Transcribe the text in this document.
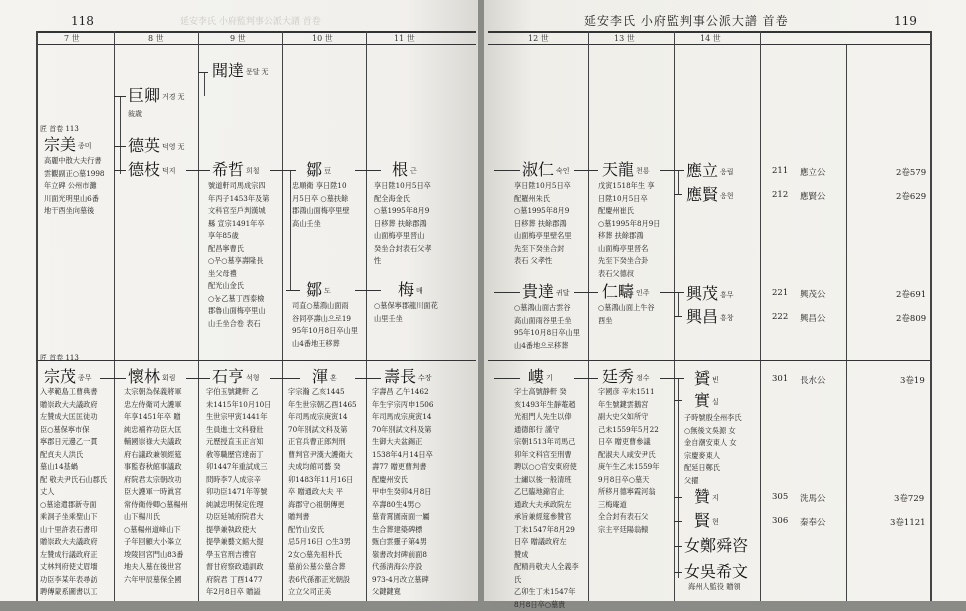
118	延安李氏 小府監判事公派大譜 首卷
7 世	8 世	9 世	10 世	11 世
匠 首卷 113
匠 首卷 113
聞達 문달 无
巨卿 거경 无
敍歳
宗美 종미
高麗中散大夫行書
雲觀副正○墓1998
年立碑 公州市灘
川面光明里山6番
地干酉坐向墓後
德英 덕영 无
德枝 덕지 希哲 희철
號道軒司馬成宗四
年丙子1453年及第
文科官至戶判漢城
縣 宣宗1491年卒
享年85歳
配昌寧曹氏
○무○墓享壽隆長
坐父母禮
配光山金氏
○눙乙墓丁西泰檢
郡魯山面梅亭里山
山壬坐合卷 表石
鄒豆
忠順衛 享日陞10
月5日卒 ○墓扶餘
郡鴻山面梅亭里壁
高山壬坐
根근
享日陞10月5日卒
配全海金氏
○墓1995年8月9
日移葬 扶餘郡鴻
山面梅亭里晋山
癸坐合封表石父孝
性
鄒도
司直○墓鴻山面雨
谷同亭壽山으로19
95年10月8日卒山里
山4番地王移葬
梅매
○墓保寧郡龍川面花
山里壬坐
宗茂 종무
入孝範島工曹典書
贈崇政大夫議政府
左贊成大匡匡徒功
臣○墓保寧市保
寧郡日元邊乙一貫
配貞夫人洪氏
墓山14基蝸
配 敬夫尹氏石山郡氏
丈人
○墓途遣郡新寺面
乘洞子坐乘聖山下
山十里許表石書印
贈崇政大夫議政府
左贊成行議政府正
丈林判府使丈眉墻
功臣李某年表尋訪
聘傳蒙系圖書以工
懷林 회림
太宗朝為保義將軍
忠左侍衛司大護軍
年享1451年卒 贈
純忠補祚功臣大匡
輔國崇祿大夫議政
府右議政兼領經筵
事監春秋館事議政
府院君太宗朝改功
臣大護軍一時眞宮
常侍衛侍卿○墓楊州
山下楊川氏
○墓楊州道峰山下
子年回顧大小峯立
埈陵回宮門山83番
地夫人墓在後世宮
六年甲辰墓保全國
石亨 석형
字伯玉號鍵軒 乙
未1415年10月10日
生世宗甲寅1441年
生員進士文科發壯
元歷授直玉正言知
敎等職歷官達南丁
卯1447年重試成三
問時李7人成宗辛
卯功臣1471年等號
純誠忠明保定佐理
功臣延城府院君大
提學兼執政使大
提學兼藝文館大提
學玉官刑吉禮官
督甘府察政通訓政
府院君 丁酉1477
年2月8日卒 贈謚
渾혼
字宗瀚 乙亥1445
年生世宗朝乙酉1465
年司馬成宗庚寅14
70年別試文科及第
正官兵曹正郎判刑
曹判官尹漢大護衛大
夫成均館司藝 癸
卯1483年11月16日
卒 贈通政大夫 平
海郡守○祖朝傳更
贈判書
配竹山安氏
忌5月16日 ○生3男
2女○墓先祖朴氏
墓前公墓公墓合葬
表6代孫都正光朝設
立立父司正美
壽長 수장
字壽昌 乙午1462
年生宇宗丙申1506
年司馬成宗庚寅14
70年別試文科及第
生御大夫盆錫正
1538年4月14日卒
壽77 贈更曹判書
配慶州安氏
甲申生癸卯4月8日
卒壽80生4男○
墓青霄園南面一屬
生合葬建築碑標
甄白雲靈子第4男
嶺書改封碑前面8
代孫淸海公序設
973-4月改立墓碑
父鍵鍵寬
延安李氏 小府監判事公派大譜 首卷	119
12 世	13 世	14 世
淑仁 숙인
享日陞10月5日卒
配羅州朱氏
○墓1995年8月9
日移葬 扶餘郡鴻
山面梅亭里壁名里
先至下癸坐合封
表石 父孝性
天龍 천룡
戊寅1518年生 享
日陞10月5日卒
配慶州崔氏
○墓1995年8月9日
移葬 扶餘郡鴻
山面梅亭里晋名
先至下癸坐合卦
表石父德叔
應立 응립
應賢 응현
貴達 귀달
○墓鴻山面古雲谷
高山面雨谷里壬坐
95年10月8日卒山里
山4番地으로移葬
仁疇 인주
○墓鴻山面上牛谷
酉坐
興茂 흥무
興昌 흥창
嶁기
字士高號静軒 癸
亥1493年生靜菴趙
光祖門人先生以俸
通德郎行 謹守
宗朝1513年司馬己
卯年文科官至刑曹
聘以○○官安東府使
士繡以後一般清班
乙巳臨地錦官止
通政大夫承政院左
承旨兼經筵參贊官
丁未1547年8月29
日卒 贈議政府左
贊成
配精肖敬夫人全義李
氏
乙卯生丁未1547年
8月8日卒○墓貴
廷秀 정수
字國彦 辛未1511
年生號鍵雲鵝宮
副大史父如所守
己未1559年5月22
日卒 贈吏曹參議
配淑夫人咸安尹氏
庚午生乙未1559年
9月8日卒○墓天
所移月德寧霞河翁
三梅庵道
全合封有表石父
宗主平廷陽翁轅
贇빈
實실
子時號殷全州李氏
○無後文吳源 女
金自潮安東人 女
宗慶麥東人
配延日鄭氏
父擢
贊지
賢현
女鄭舜咨
女吳希文
海州人監役 贈領
211 應立公	2卷579
212 應賢公	2卷629
221 興茂公	2卷691
222 興昌公	2卷809
301 長水公	3卷19
305 洗馬公	3卷729
306 秦奉公	3卷1121
